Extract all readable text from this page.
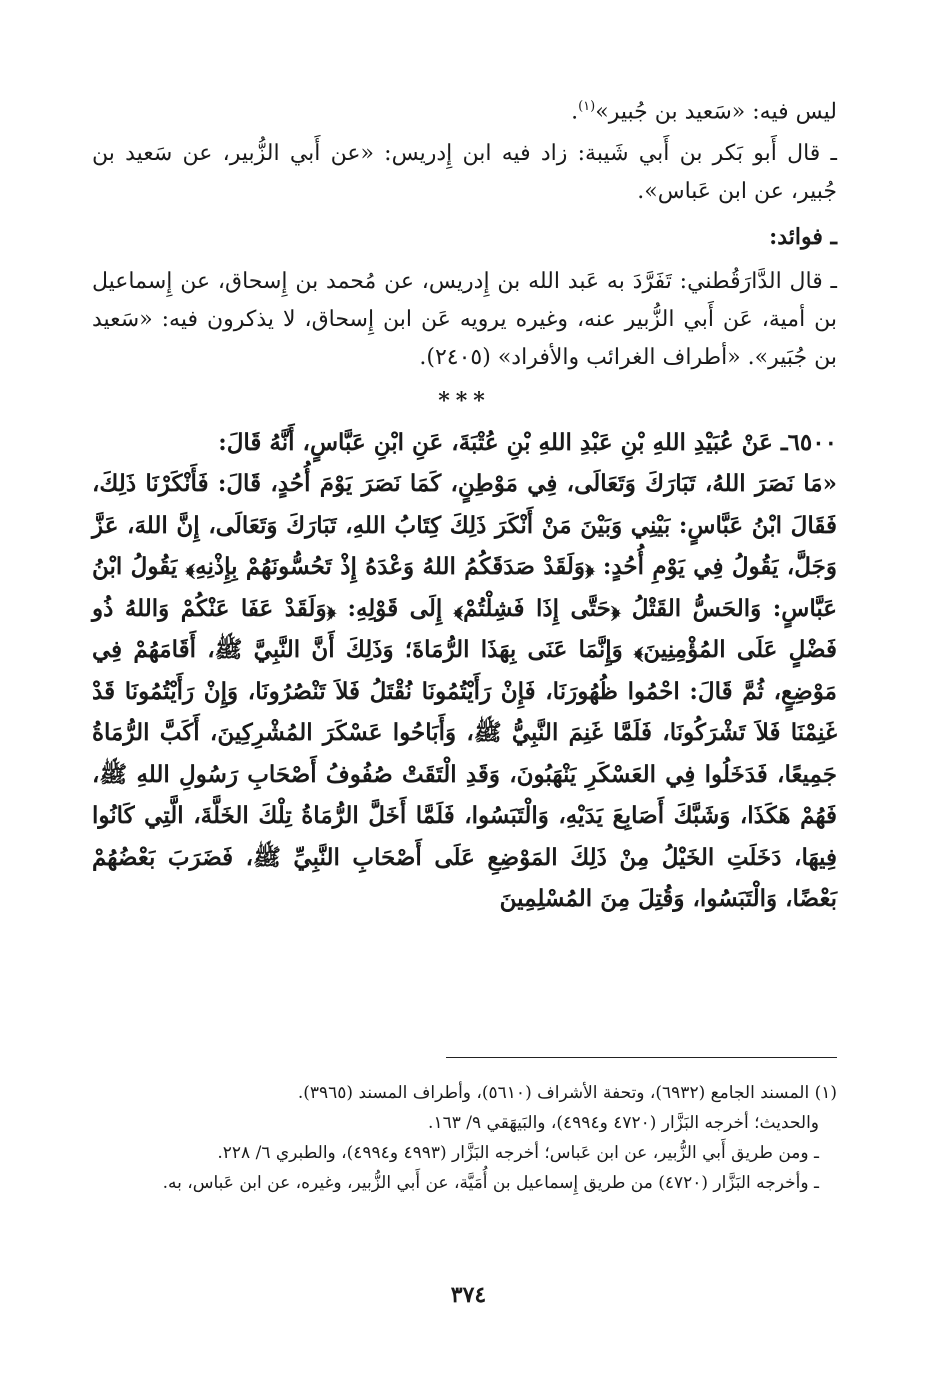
ليس فيه: «سَعيد بن جُبير»$^{(١)}$.

ـ قال أَبو بَكر بن أَبي شَيبة: زاد فيه ابن إِدريس: «عن أَبي الزُّبير، عن سَعيد بن جُبير، عن ابن عَباس».

ـ فوائد:

ـ قال الدَّارَقُطني: تَفَرَّدَ به عَبد الله بن إِدريس، عن مُحمد بن إِسحاق، عن إِسماعيل بن أمية، عَن أَبي الزُّبير عنه، وغيره يرويه عَن ابن إِسحاق، لا يذكرون فيه: «سَعيد بن جُبَير». «أطراف الغرائب والأفراد» (٢٤٠٥).

***

٦٥٠٠ـ عَنْ عُبَيْدِ اللهِ بْنِ عَبْدِ اللهِ بْنِ عُتْبَةَ، عَنِ ابْنِ عَبَّاسٍ، أَنَّهُ قَالَ:

«مَا نَصَرَ اللهُ، تَبَارَكَ وَتَعَالَى، فِي مَوْطِنٍ، كَمَا نَصَرَ يَوْمَ أُحُدٍ، قَالَ: فَأَنْكَرْنَا ذَلِكَ، فَقَالَ ابْنُ عَبَّاسٍ: بَيْنِي وَبَيْنَ مَنْ أَنْكَرَ ذَلِكَ كِتَابُ اللهِ، تَبَارَكَ وَتَعَالَى، إِنَّ اللهَ، عَزَّ وَجَلَّ، يَقُولُ فِي يَوْمِ أُحُدٍ: ﴿وَلَقَدْ صَدَقَكُمُ اللهُ وَعْدَهُ إِذْ تَحُسُّونَهُمْ بِإِذْنِهِ﴾ يَقُولُ ابْنُ عَبَّاسٍ: وَالحَسُّ القَتْلُ ﴿حَتَّى إِذَا فَشِلْتُمْ﴾ إِلَى قَوْلِهِ: ﴿وَلَقَدْ عَفَا عَنْكُمْ وَاللهُ ذُو فَضْلٍ عَلَى المُؤْمِنِينَ﴾ وَإِنَّمَا عَنَى بِهَذَا الرُّمَاةَ؛ وَذَلِكَ أَنَّ النَّبِيَّ ﷺ، أَقَامَهُمْ فِي مَوْضِعٍ، ثُمَّ قَالَ: احْمُوا ظُهُورَنَا، فَإِنْ رَأَيْتُمُونَا نُقْتَلُ فَلاَ تَنْصُرُونَا، وَإِنْ رَأَيْتُمُونَا قَدْ غَنِمْنَا فَلاَ تَشْرَكُونَا، فَلَمَّا غَنِمَ النَّبِيُّ ﷺ، وَأَبَاحُوا عَسْكَرَ المُشْرِكِينَ، أَكَبَّ الرُّمَاةُ جَمِيعًا، فَدَخَلُوا فِي العَسْكَرِ يَنْهَبُونَ، وَقَدِ الْتَقَتْ صُفُوفُ أَصْحَابِ رَسُولِ اللهِ ﷺ، فَهُمْ هَكَذَا، وَشَبَّكَ أَصَابِعَ يَدَيْهِ، وَالْتَبَسُوا، فَلَمَّا أَخَلَّ الرُّمَاةُ تِلْكَ الخَلَّةَ، الَّتِي كَانُوا فِيهَا، دَخَلَتِ الخَيْلُ مِنْ ذَلِكَ المَوْضِعِ عَلَى أَصْحَابِ النَّبِيِّ ﷺ، فَضَرَبَ بَعْضُهُمْ بَعْضًا، وَالْتَبَسُوا، وَقُتِلَ مِنَ المُسْلِمِينَ

(١) المسند الجامع (٦٩٣٢)، وتحفة الأشراف (٥٦١٠)، وأطراف المسند (٣٩٦٥).

والحديث؛ أخرجه البَزَّار (٤٧٢٠ و٤٩٩٤)، والبَيهَقي ٩/ ١٦٣.

ـ ومن طريق أَبي الزُّبير، عن ابن عَباس؛ أخرجه البَزَّار (٤٩٩٣ و٤٩٩٤)، والطبري ٦/ ٢٢٨.

ـ وأخرجه البَزَّار (٤٧٢٠) من طريق إِسماعيل بن أُمَيَّة، عن أَبي الزُّبير، وغيره، عن ابن عَباس، به.

٣٧٤
